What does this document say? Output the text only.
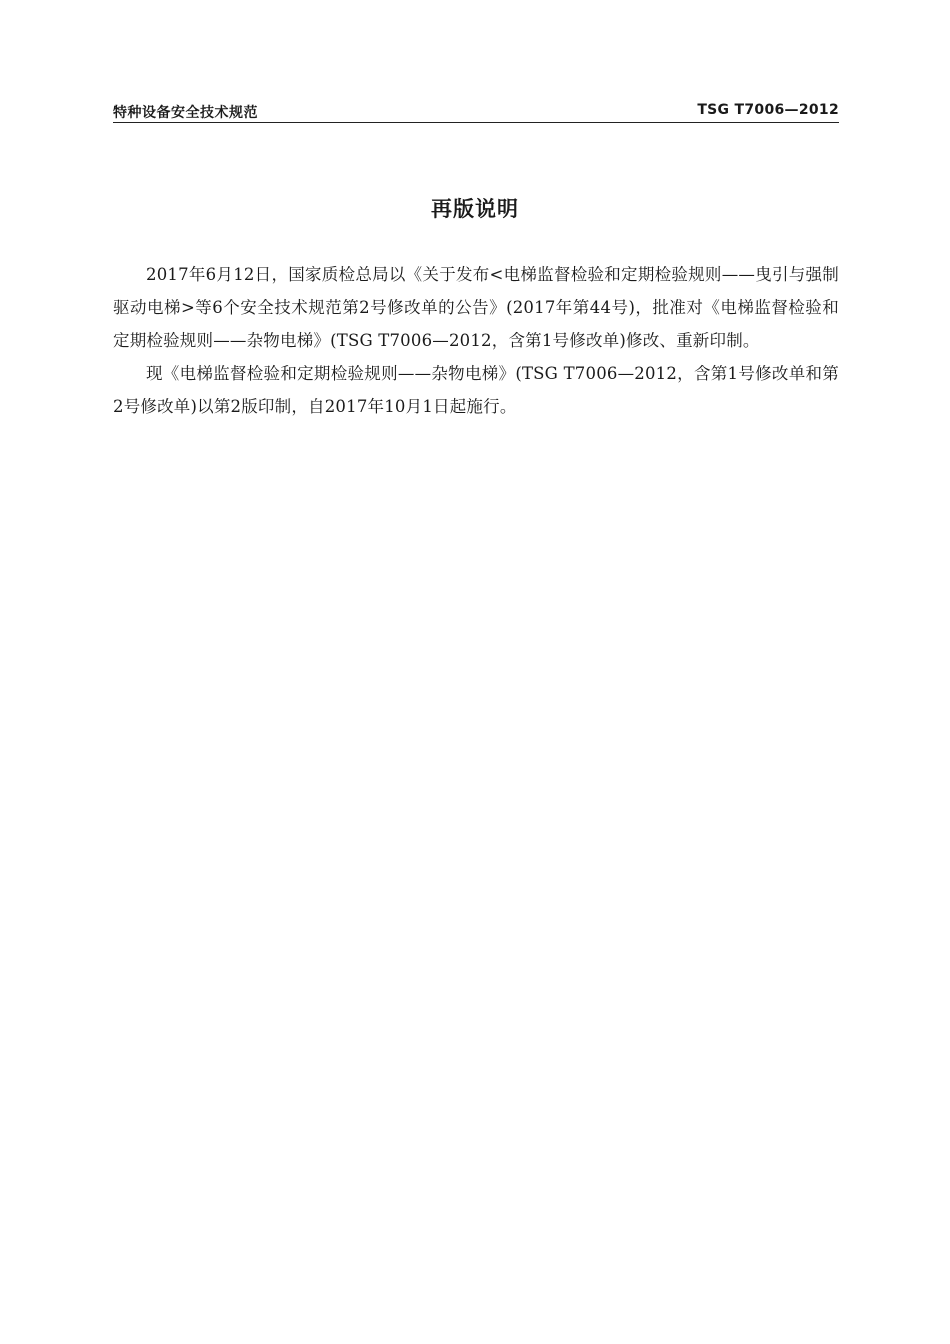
特种设备安全技术规范	TSG T7006—2012
再版说明

2017年6月12日，国家质检总局以《关于发布<电梯监督检验和定期检验规则——曳引与强制驱动电梯>等6个安全技术规范第2号修改单的公告》(2017年第44号)，批准对《电梯监督检验和定期检验规则——杂物电梯》(TSG T7006—2012，含第1号修改单)修改、重新印制。

现《电梯监督检验和定期检验规则——杂物电梯》(TSG T7006—2012，含第1号修改单和第2号修改单)以第2版印制，自2017年10月1日起施行。
